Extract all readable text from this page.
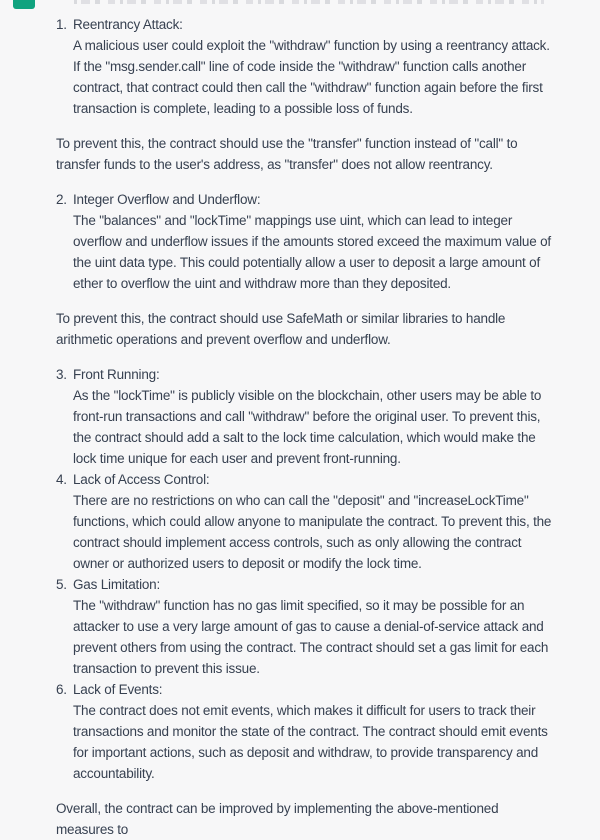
1. Reentrancy Attack:
A malicious user could exploit the "withdraw" function by using a reentrancy attack. If the "msg.sender.call" line of code inside the "withdraw" function calls another contract, that contract could then call the "withdraw" function again before the first transaction is complete, leading to a possible loss of funds.

To prevent this, the contract should use the "transfer" function instead of "call" to transfer funds to the user's address, as "transfer" does not allow reentrancy.

2. Integer Overflow and Underflow:
The "balances" and "lockTime" mappings use uint, which can lead to integer overflow and underflow issues if the amounts stored exceed the maximum value of the uint data type. This could potentially allow a user to deposit a large amount of ether to overflow the uint and withdraw more than they deposited.

To prevent this, the contract should use SafeMath or similar libraries to handle arithmetic operations and prevent overflow and underflow.

3. Front Running:
As the "lockTime" is publicly visible on the blockchain, other users may be able to front-run transactions and call "withdraw" before the original user. To prevent this, the contract should add a salt to the lock time calculation, which would make the lock time unique for each user and prevent front-running.
4. Lack of Access Control:
There are no restrictions on who can call the "deposit" and "increaseLockTime" functions, which could allow anyone to manipulate the contract. To prevent this, the contract should implement access controls, such as only allowing the contract owner or authorized users to deposit or modify the lock time.
5. Gas Limitation:
The "withdraw" function has no gas limit specified, so it may be possible for an attacker to use a very large amount of gas to cause a denial-of-service attack and prevent others from using the contract. The contract should set a gas limit for each transaction to prevent this issue.
6. Lack of Events:
The contract does not emit events, which makes it difficult for users to track their transactions and monitor the state of the contract. The contract should emit events for important actions, such as deposit and withdraw, to provide transparency and accountability.

Overall, the contract can be improved by implementing the above-mentioned measures to
